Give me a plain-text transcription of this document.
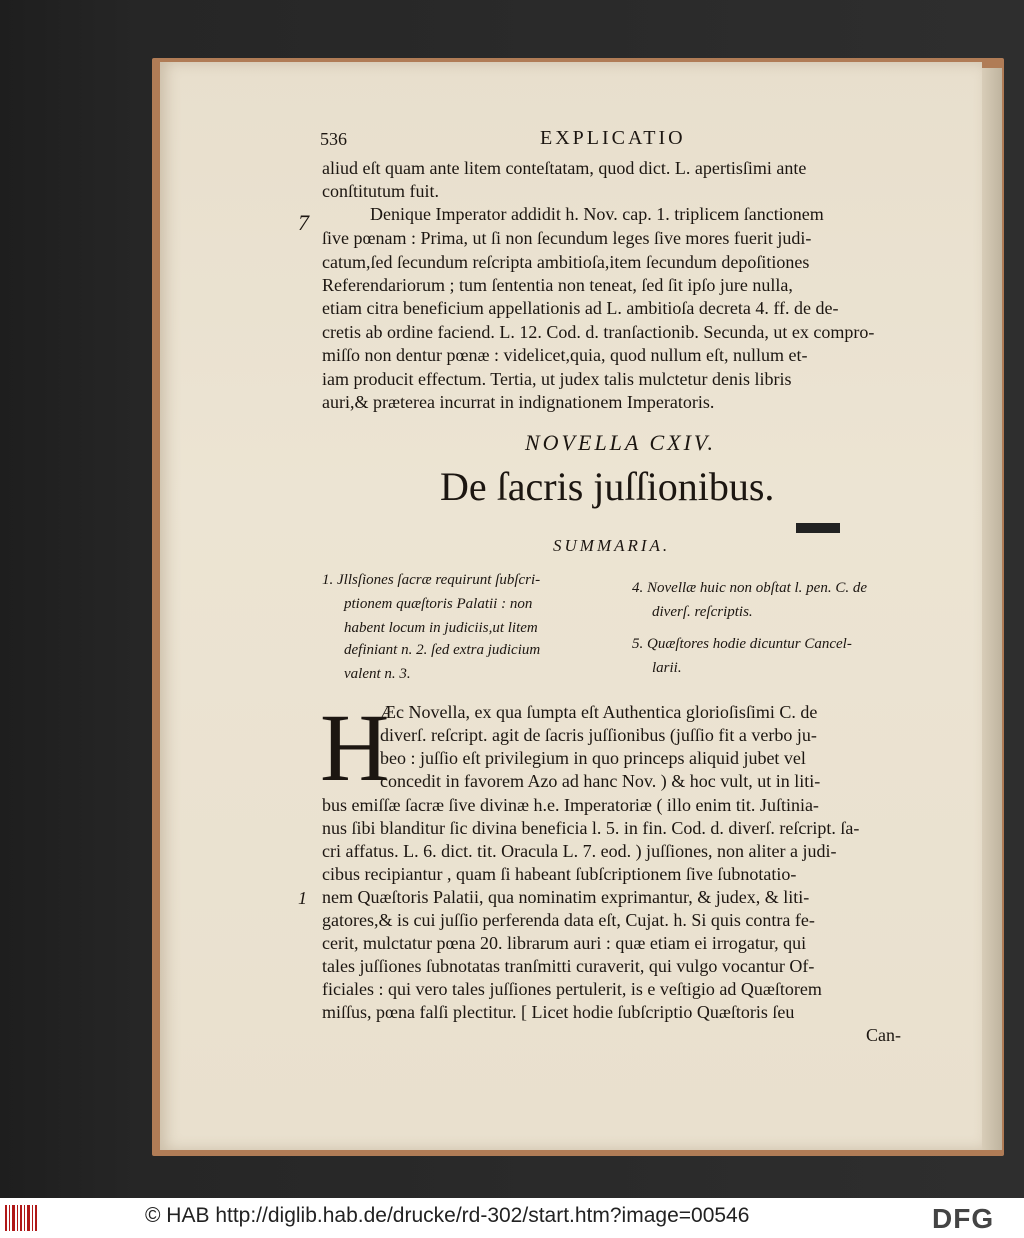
536	EXPLICATIO
aliud eſt quam ante litem conteſtatam, quod dict. L. apertisſimi ante
conſtitutum fuit.
7	Denique Imperator addidit h. Nov. cap. 1. triplicem ſanctionem
ſive pœnam : Prima, ut ſi non ſecundum leges ſive mores fuerit judi-
catum,ſed ſecundum reſcripta ambitioſa,item ſecundum depoſitiones
Referendariorum ; tum ſententia non teneat, ſed ſit ipſo jure nulla,
etiam citra beneficium appellationis ad L. ambitioſa decreta 4. ff. de de-
cretis ab ordine faciend. L. 12. Cod. d. tranſactionib. Secunda, ut ex compro-
miſſo non dentur pœnæ : videlicet,quia, quod nullum eſt, nullum et-
iam producit effectum. Tertia, ut judex talis mulctetur denis libris
auri,& præterea incurrat in indignationem Imperatoris.
NOVELLA CXIV.
De ſacris juſſionibus.
SUMMARIA.
1. Jllsſiones ſacræ requirunt ſubſcri-
ptionem quæſtoris Palatii : non
habent locum in judiciis,ut litem
definiant n. 2. ſed extra judicium
valent n. 3.
4. Novellæ huic non obſtat l. pen. C. de
diverſ. reſcriptis.
5. Quæſtores hodie dicuntur Cancel-
larii.
H
Æc Novella, ex qua ſumpta eſt Authentica glorioſisſimi C. de
diverſ. reſcript. agit de ſacris juſſionibus (juſſio fit a verbo ju-
beo : juſſio eſt privilegium in quo princeps aliquid jubet vel
concedit in favorem Azo ad hanc Nov. ) & hoc vult, ut in liti-
bus emiſſæ ſacræ ſive divinæ h.e. Imperatoriæ ( illo enim tit. Juſtinia-
nus ſibi blanditur ſic divina beneficia l. 5. in fin. Cod. d. diverſ. reſcript. ſa-
cri affatus. L. 6. dict. tit. Oracula L. 7. eod. ) juſſiones, non aliter a judi-
cibus recipiantur , quam ſi habeant ſubſcriptionem ſive ſubnotatio-
1 nem Quæſtoris Palatii, qua nominatim exprimantur, & judex, & liti-
gatores,& is cui juſſio perferenda data eſt, Cujat. h. Si quis contra fe-
cerit, mulctatur pœna 20. librarum auri : quæ etiam ei irrogatur, qui
tales juſſiones ſubnotatas tranſmitti curaverit, qui vulgo vocantur Of-
ficiales : qui vero tales juſſiones pertulerit, is e veſtigio ad Quæſtorem
miſſus, pœna falſi plectitur. [ Licet hodie ſubſcriptio Quæſtoris ſeu
Can-
© HAB http://diglib.hab.de/drucke/rd-302/start.htm?image=00546	DFG
